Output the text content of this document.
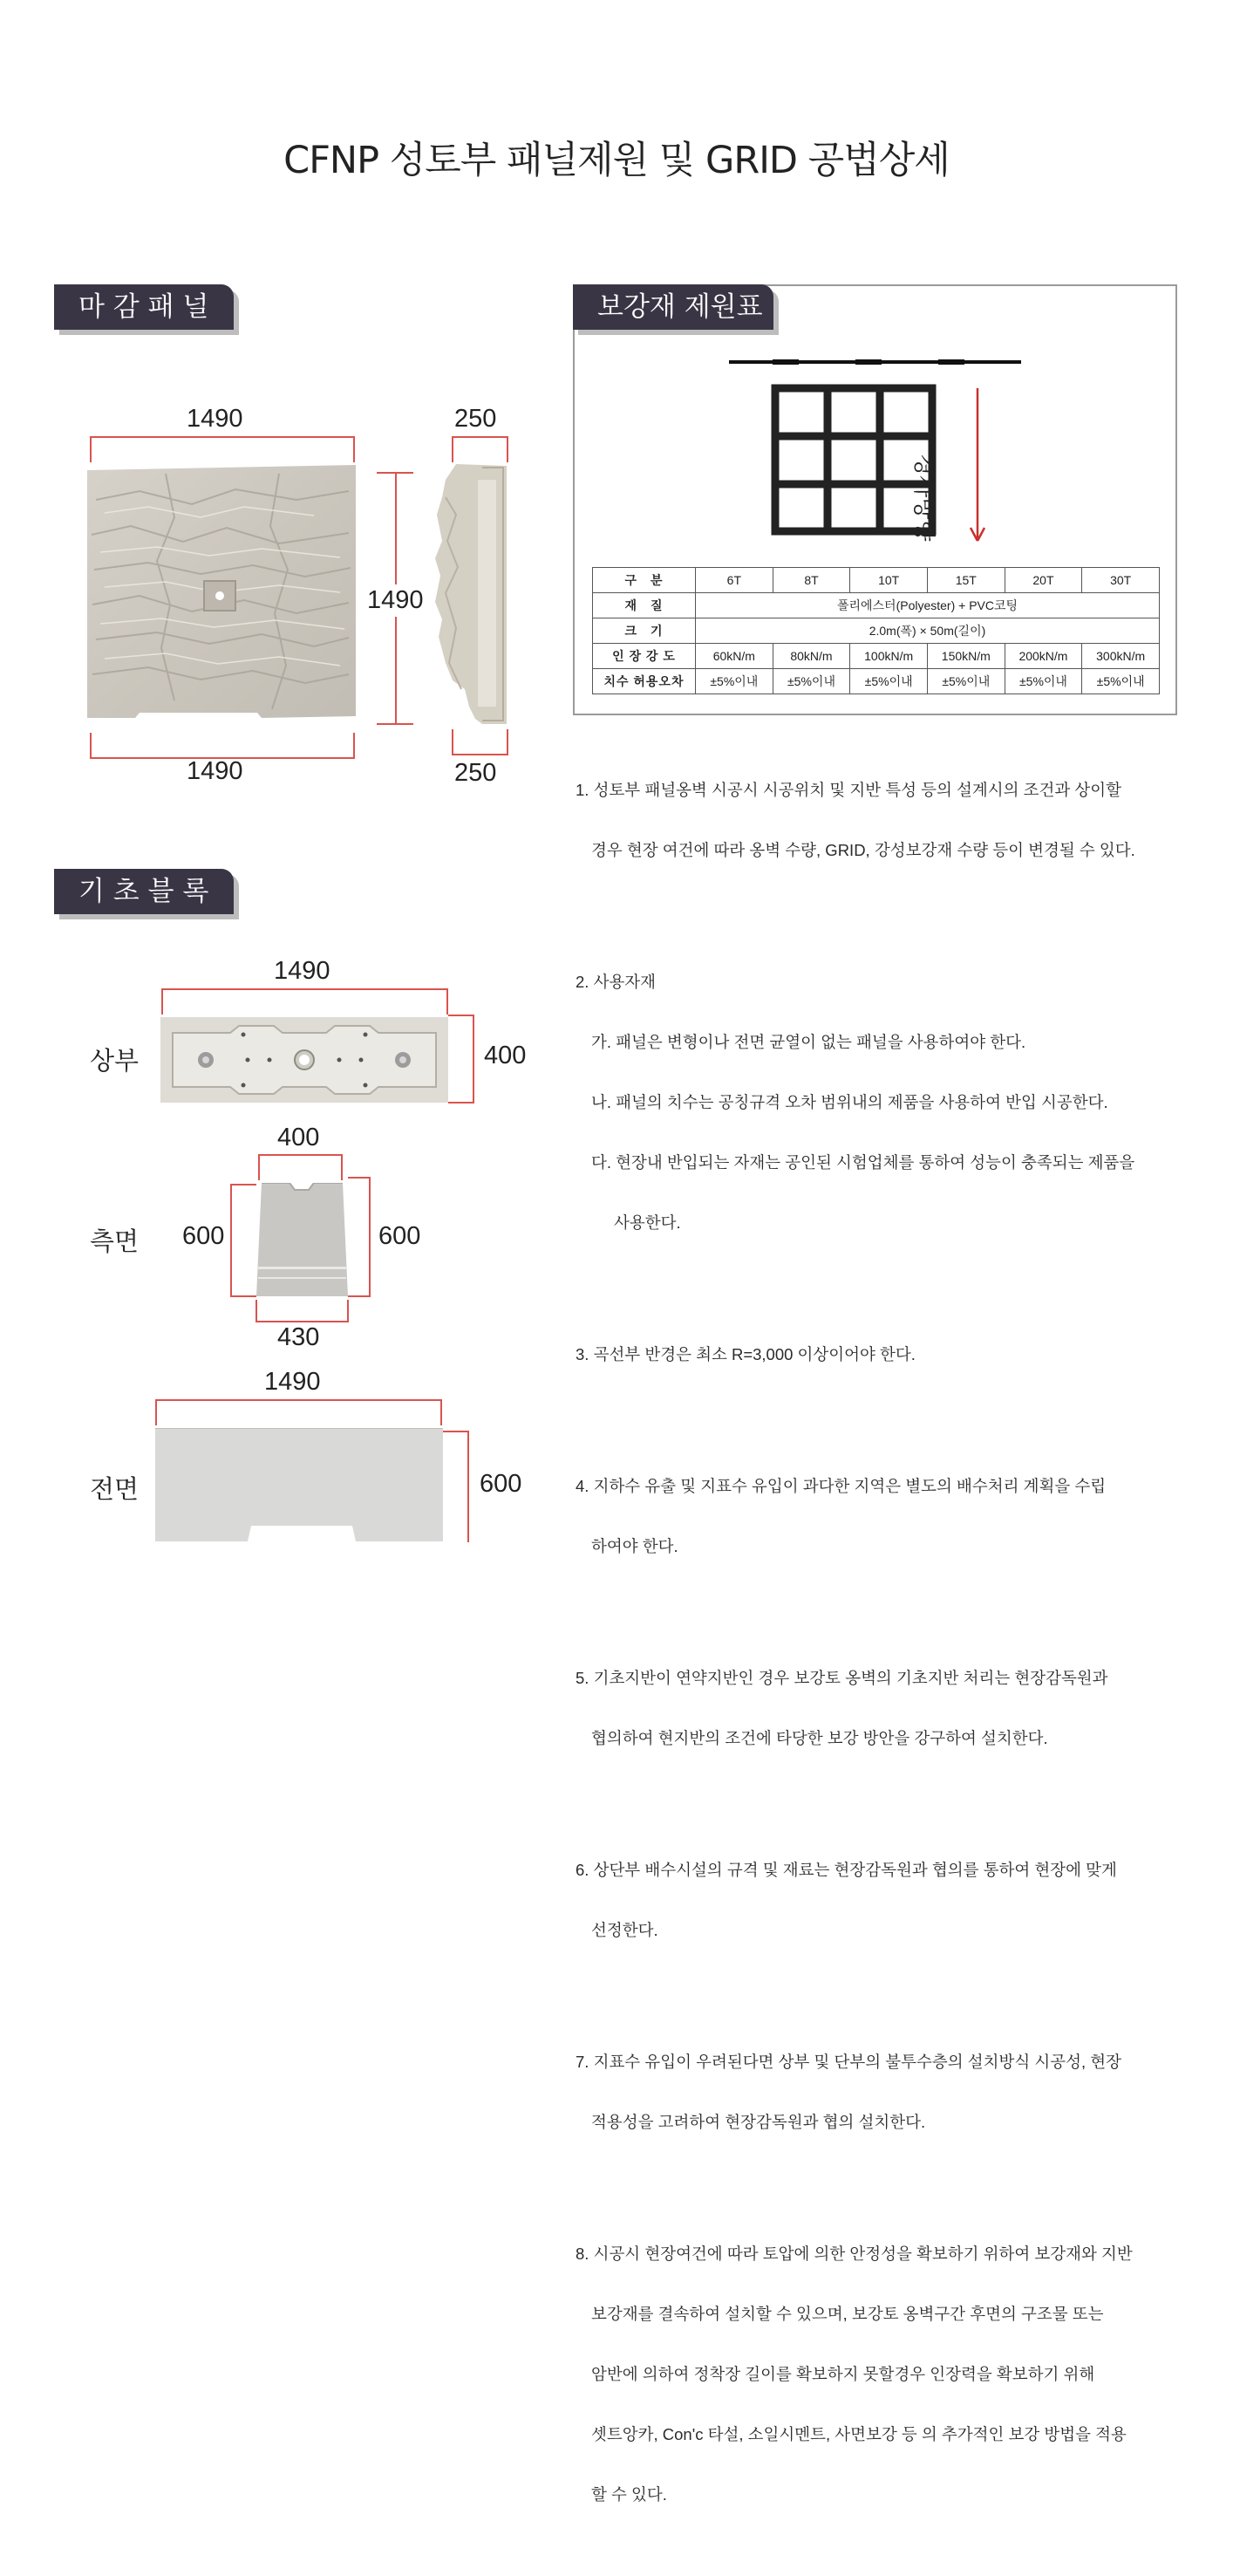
CFNP 성토부 패널제원 및 GRID 공법상세
마 감 패 널
1490
1490
1490
250
250
기 초 블 록
1490
상부	400
400
측면 600	600
430
1490
전면	600
보강재 제원표
경사방향
구　분	6T	8T	10T	15T	20T	30T
재　질	폴리에스터(Polyester) + PVC코팅					
크　기	2.0m(폭) × 50m(길이)					
인 장 강 도	60kN/m	80kN/m	100kN/m	150kN/m	200kN/m	300kN/m
치수 허용오차	±5%이내	±5%이내	±5%이내	±5%이내	±5%이내	±5%이내

1. 성토부 패널옹벽 시공시 시공위치 및 지반 특성 등의 설계시의 조건과 상이할

경우 현장 여건에 따라 옹벽 수량, GRID, 강성보강재 수량 등이 변경될 수 있다.

2. 사용자재

가. 패널은 변형이나 전면 균열이 없는 패널을 사용하여야 한다.

나. 패널의 치수는 공칭규격 오차 범위내의 제품을 사용하여 반입 시공한다.

다. 현장내 반입되는 자재는 공인된 시험업체를 통하여 성능이 충족되는 제품을

사용한다.

3. 곡선부 반경은 최소 R=3,000 이상이어야 한다.

4. 지하수 유출 및 지표수 유입이 과다한 지역은 별도의 배수처리 계획을 수립

하여야 한다.

5. 기초지반이 연약지반인 경우 보강토 옹벽의 기초지반 처리는 현장감독원과

협의하여 현지반의 조건에 타당한 보강 방안을 강구하여 설치한다.

6. 상단부 배수시설의 규격 및 재료는 현장감독원과 협의를 통하여 현장에 맞게

선정한다.

7. 지표수 유입이 우려된다면 상부 및 단부의 불투수층의 설치방식 시공성, 현장

적용성을 고려하여 현장감독원과 협의 설치한다.

8. 시공시 현장여건에 따라 토압에 의한 안정성을 확보하기 위하여 보강재와 지반

보강재를 결속하여 설치할 수 있으며, 보강토 옹벽구간 후면의 구조물 또는

암반에 의하여 정착장 길이를 확보하지 못할경우 인장력을 확보하기 위해

셋트앙카, Con'c 타설, 소일시멘트, 사면보강 등 의 추가적인 보강 방법을 적용

할 수 있다.
